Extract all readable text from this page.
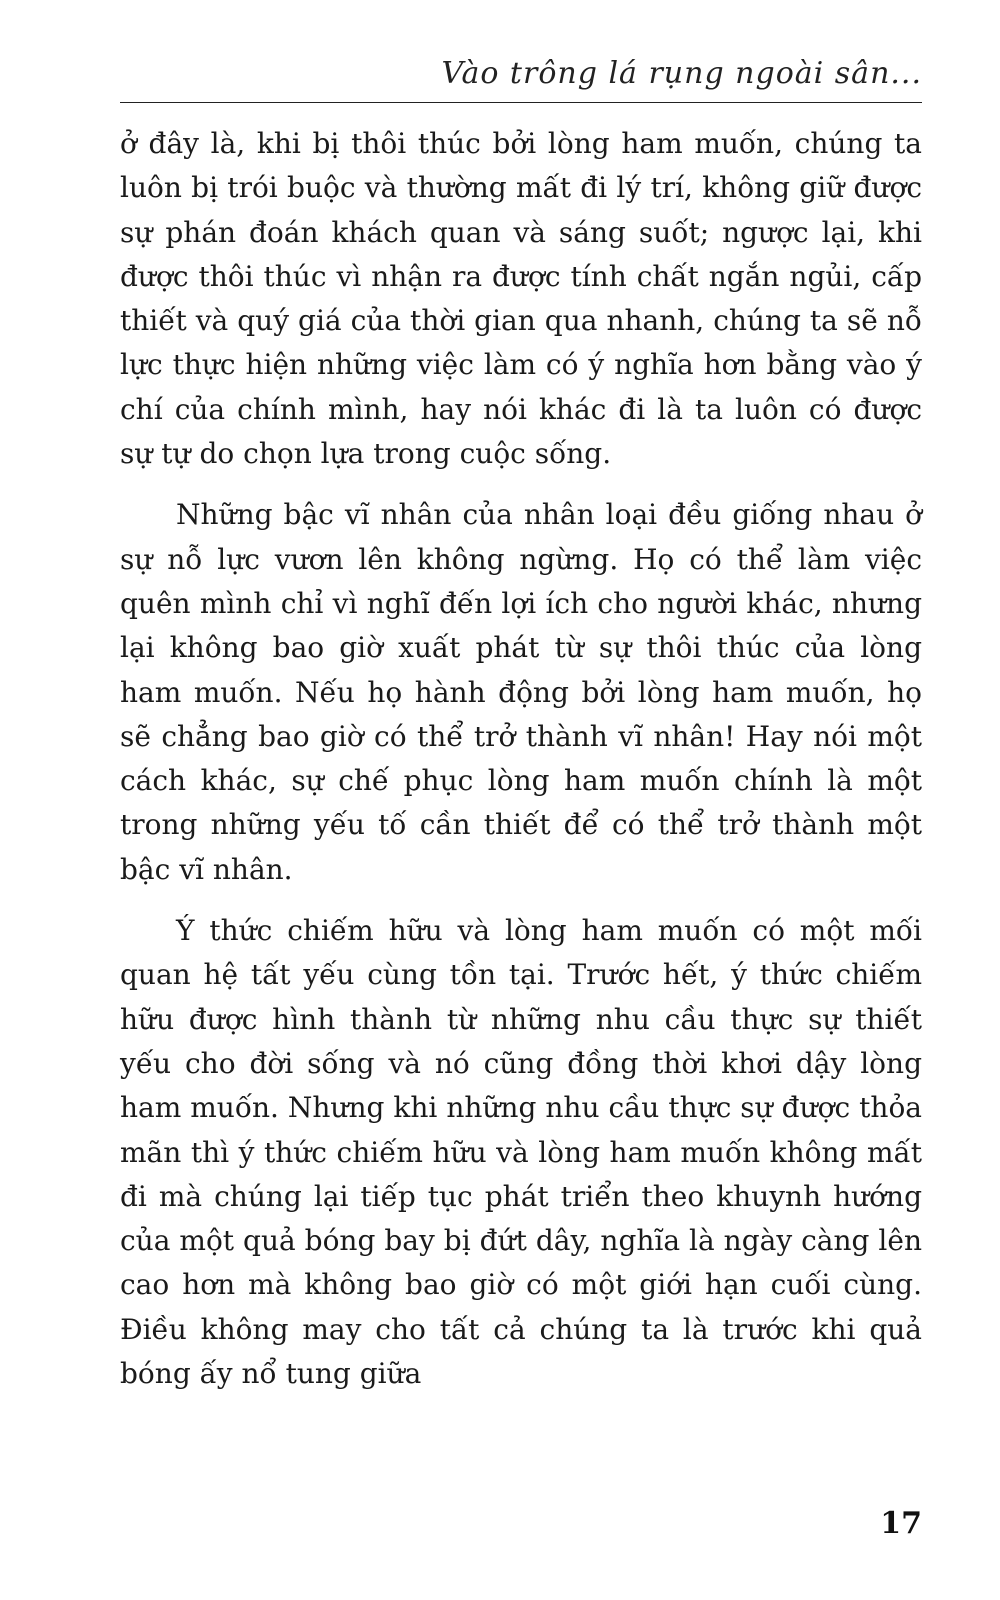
Vào trông lá rụng ngoài sân...

ở đây là, khi bị thôi thúc bởi lòng ham muốn, chúng ta luôn bị trói buộc và thường mất đi lý trí, không giữ được sự phán đoán khách quan và sáng suốt; ngược lại, khi được thôi thúc vì nhận ra được tính chất ngắn ngủi, cấp thiết và quý giá của thời gian qua nhanh, chúng ta sẽ nỗ lực thực hiện những việc làm có ý nghĩa hơn bằng vào ý chí của chính mình, hay nói khác đi là ta luôn có được sự tự do chọn lựa trong cuộc sống.

Những bậc vĩ nhân của nhân loại đều giống nhau ở sự nỗ lực vươn lên không ngừng. Họ có thể làm việc quên mình chỉ vì nghĩ đến lợi ích cho người khác, nhưng lại không bao giờ xuất phát từ sự thôi thúc của lòng ham muốn. Nếu họ hành động bởi lòng ham muốn, họ sẽ chẳng bao giờ có thể trở thành vĩ nhân! Hay nói một cách khác, sự chế phục lòng ham muốn chính là một trong những yếu tố cần thiết để có thể trở thành một bậc vĩ nhân.

Ý thức chiếm hữu và lòng ham muốn có một mối quan hệ tất yếu cùng tồn tại. Trước hết, ý thức chiếm hữu được hình thành từ những nhu cầu thực sự thiết yếu cho đời sống và nó cũng đồng thời khơi dậy lòng ham muốn. Nhưng khi những nhu cầu thực sự được thỏa mãn thì ý thức chiếm hữu và lòng ham muốn không mất đi mà chúng lại tiếp tục phát triển theo khuynh hướng của một quả bóng bay bị đứt dây, nghĩa là ngày càng lên cao hơn mà không bao giờ có một giới hạn cuối cùng. Điều không may cho tất cả chúng ta là trước khi quả bóng ấy nổ tung giữa

17
